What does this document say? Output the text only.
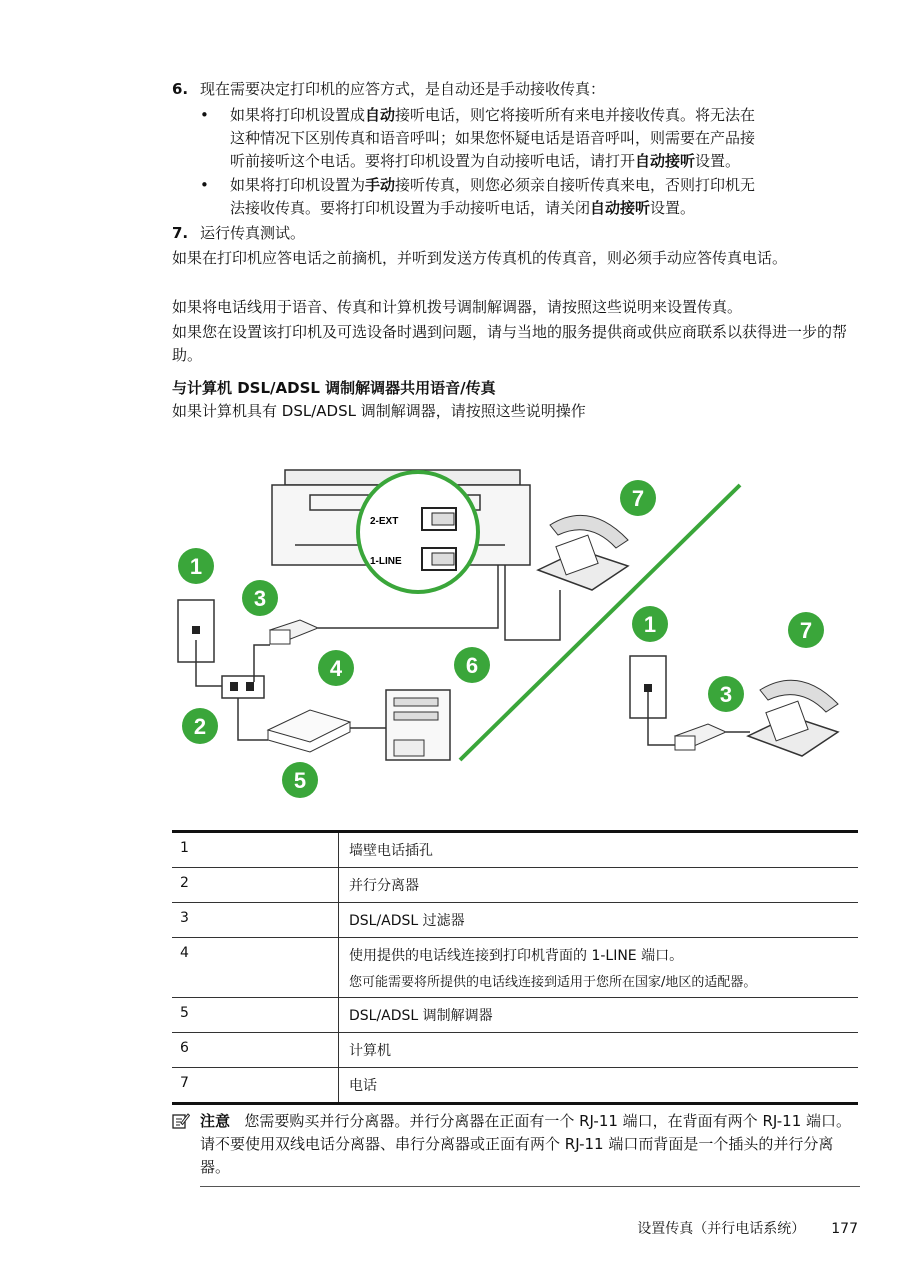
6. 现在需要决定打印机的应答方式，是自动还是手动接收传真：
• 如果将打印机设置成自动接听电话，则它将接听所有来电并接收传真。将无法在
这种情况下区别传真和语音呼叫；如果您怀疑电话是语音呼叫，则需要在产品接
听前接听这个电话。要将打印机设置为自动接听电话，请打开自动接听设置。
• 如果将打印机设置为手动接听传真，则您必须亲自接听传真来电，否则打印机无
法接收传真。要将打印机设置为手动接听电话，请关闭自动接听设置。
7. 运行传真测试。
如果在打印机应答电话之前摘机，并听到发送方传真机的传真音，则必须手动应答传真电话。
如果将电话线用于语音、传真和计算机拨号调制解调器，请按照这些说明来设置传真。
如果您在设置该打印机及可选设备时遇到问题，请与当地的服务提供商或供应商联系以获得进一步的帮助。
与计算机 DSL/ADSL 调制解调器共用语音/传真
如果计算机具有 DSL/ADSL 调制解调器，请按照这些说明操作
2-EXT
1-LINE
1
2
3
4
5
6
7
1
3
7
1	墙壁电话插孔
2	并行分离器
3	DSL/ADSL 过滤器
4	使用提供的电话线连接到打印机背面的 1-LINE 端口。
您可能需要将所提供的电话线连接到适用于您所在国家/地区的适配器。

5	DSL/ADSL 调制解调器
6	计算机
7	电话
注意 您需要购买并行分离器。并行分离器在正面有一个 RJ-11 端口，在背面有两个 RJ-11 端口。请不要使用双线电话分离器、串行分离器或正面有两个 RJ-11 端口而背面是一个插头的并行分离器。
设置传真（并行电话系统） 177
